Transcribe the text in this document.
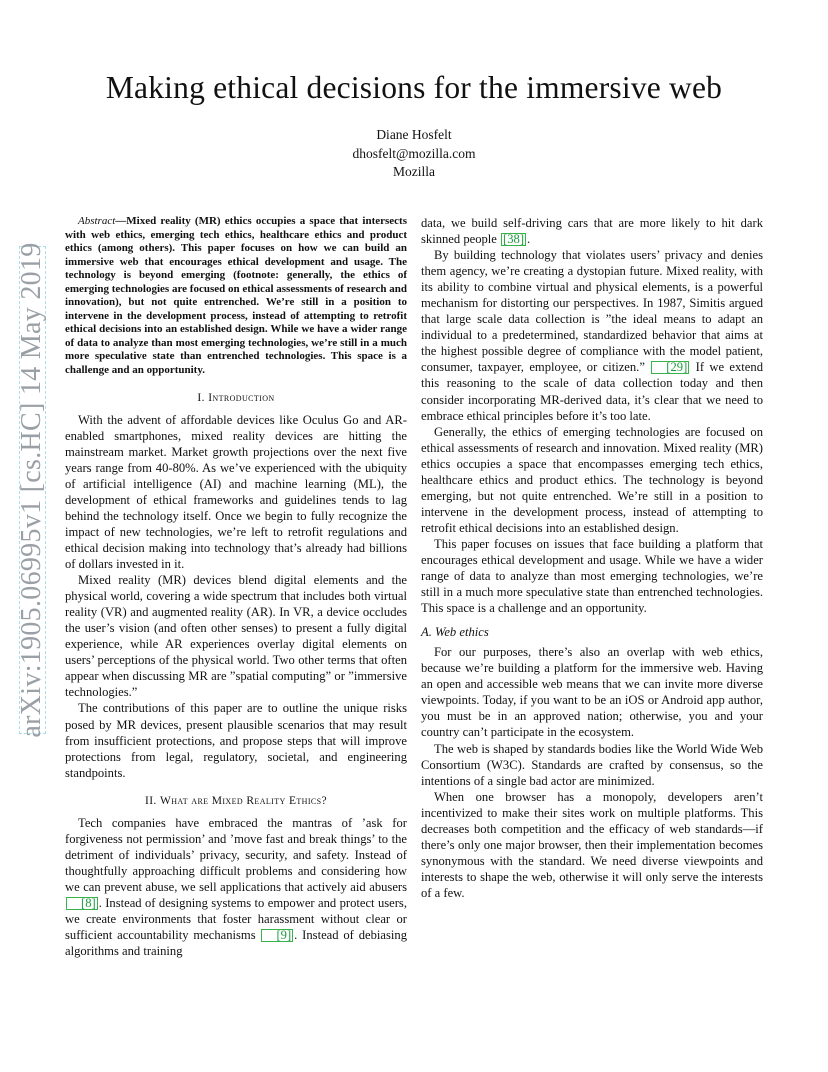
arXiv:1905.06995v1 [cs.HC] 14 May 2019
Making ethical decisions for the immersive web
Diane Hosfelt
dhosfelt@mozilla.com
Mozilla
Abstract—Mixed reality (MR) ethics occupies a space that intersects with web ethics, emerging tech ethics, healthcare ethics and product ethics (among others). This paper focuses on how we can build an immersive web that encourages ethical development and usage. The technology is beyond emerging (footnote: generally, the ethics of emerging technologies are focused on ethical assessments of research and innovation), but not quite entrenched. We’re still in a position to intervene in the development process, instead of attempting to retrofit ethical decisions into an established design. While we have a wider range of data to analyze than most emerging technologies, we’re still in a much more speculative state than entrenched technologies. This space is a challenge and an opportunity.
I. Introduction

With the advent of affordable devices like Oculus Go and AR-enabled smartphones, mixed reality devices are hitting the mainstream market. Market growth projections over the next five years range from 40-80%. As we’ve experienced with the ubiquity of artificial intelligence (AI) and machine learning (ML), the development of ethical frameworks and guidelines tends to lag behind the technology itself. Once we begin to fully recognize the impact of new technologies, we’re left to retrofit regulations and ethical decision making into technology that’s already had billions of dollars invested in it.

Mixed reality (MR) devices blend digital elements and the physical world, covering a wide spectrum that includes both virtual reality (VR) and augmented reality (AR). In VR, a device occludes the user’s vision (and often other senses) to present a fully digital experience, while AR experiences overlay digital elements on users’ perceptions of the physical world. Two other terms that often appear when discussing MR are ”spatial computing” or ”immersive technologies.”

The contributions of this paper are to outline the unique risks posed by MR devices, present plausible scenarios that may result from insufficient protections, and propose steps that will improve protections from legal, regulatory, societal, and engineering standpoints.

II. What are Mixed Reality Ethics?

Tech companies have embraced the mantras of ’ask for forgiveness not permission’ and ’move fast and break things’ to the detriment of individuals’ privacy, security, and safety. Instead of thoughtfully approaching difficult problems and considering how we can prevent abuse, we sell applications that actively aid abusers [8] . Instead of designing systems to empower and protect users, we create environments that foster harassment without clear or sufficient accountability mechanisms [9] . Instead of debiasing algorithms and training

data, we build self-driving cars that are more likely to hit dark skinned people [38] .

By building technology that violates users’ privacy and denies them agency, we’re creating a dystopian future. Mixed reality, with its ability to combine virtual and physical elements, is a powerful mechanism for distorting our perspectives. In 1987, Simitis argued that large scale data collection is ”the ideal means to adapt an individual to a predetermined, standardized behavior that aims at the highest possible degree of compliance with the model patient, consumer, taxpayer, employee, or citizen.” [29] If we extend this reasoning to the scale of data collection today and then consider incorporating MR-derived data, it’s clear that we need to embrace ethical principles before it’s too late.

Generally, the ethics of emerging technologies are focused on ethical assessments of research and innovation. Mixed reality (MR) ethics occupies a space that encompasses emerging tech ethics, healthcare ethics and product ethics. The technology is beyond emerging, but not quite entrenched. We’re still in a position to intervene in the development process, instead of attempting to retrofit ethical decisions into an established design.

This paper focuses on issues that face building a platform that encourages ethical development and usage. While we have a wider range of data to analyze than most emerging technologies, we’re still in a much more speculative state than entrenched technologies. This space is a challenge and an opportunity.

A. Web ethics

For our purposes, there’s also an overlap with web ethics, because we’re building a platform for the immersive web. Having an open and accessible web means that we can invite more diverse viewpoints. Today, if you want to be an iOS or Android app author, you must be in an approved nation; otherwise, you and your country can’t participate in the ecosystem.

The web is shaped by standards bodies like the World Wide Web Consortium (W3C). Standards are crafted by consensus, so the intentions of a single bad actor are minimized.

When one browser has a monopoly, developers aren’t incentivized to make their sites work on multiple platforms. This decreases both competition and the efficacy of web standards—if there’s only one major browser, then their implementation becomes synonymous with the standard. We need diverse viewpoints and interests to shape the web, otherwise it will only serve the interests of a few.
